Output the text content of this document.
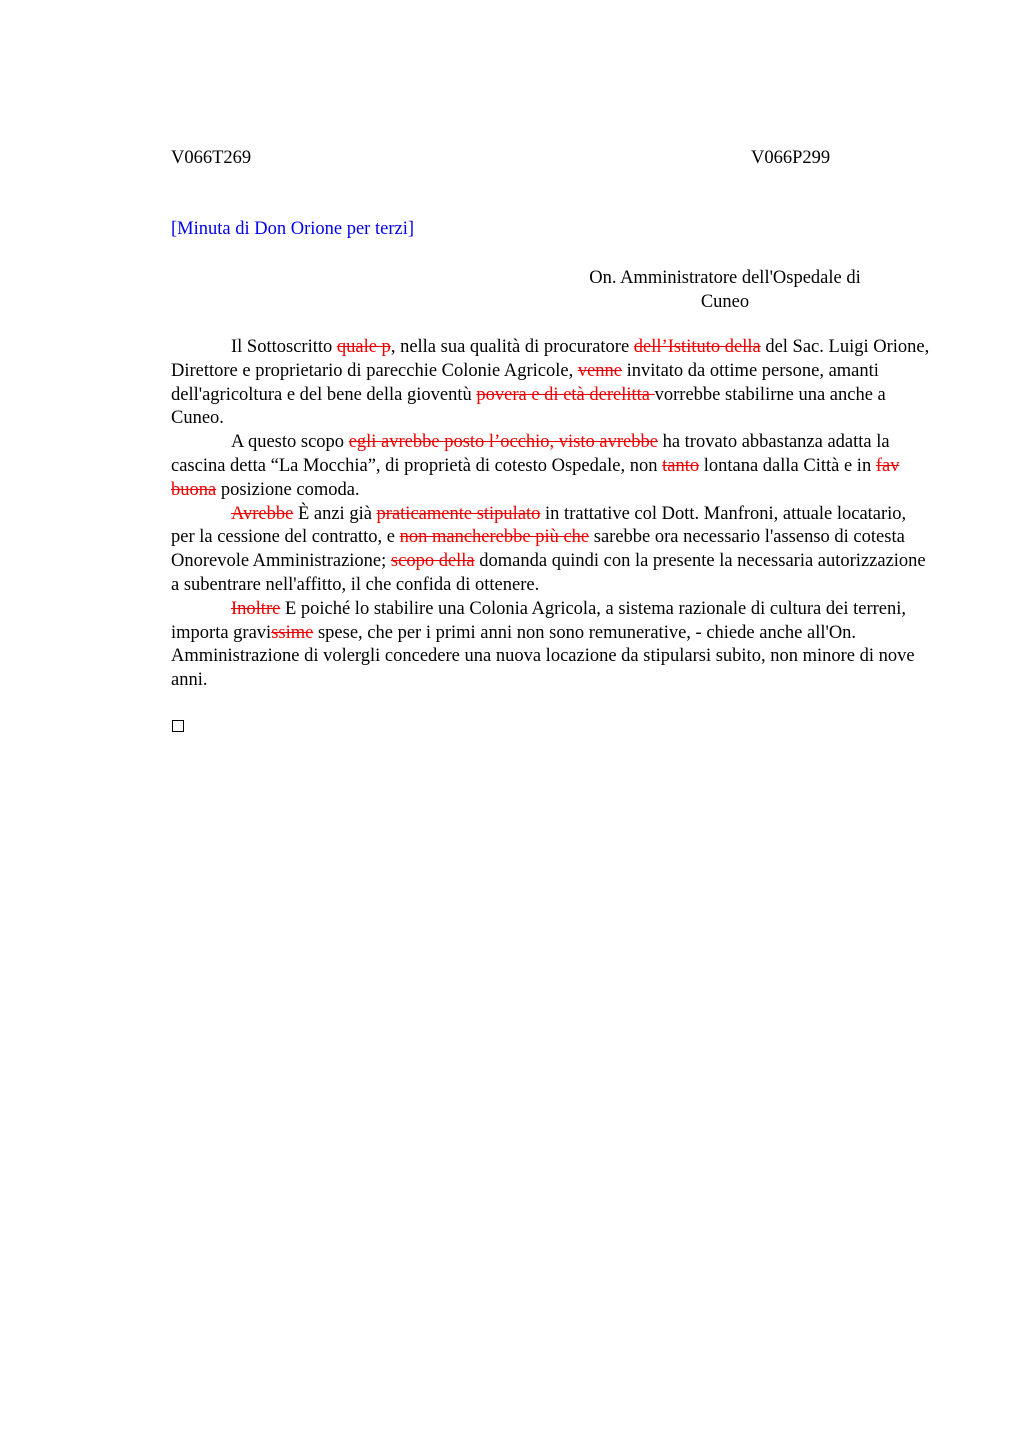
V066T269	V066P299
[Minuta di Don Orione per terzi]
On. Amministratore dell'Ospedale di
Cuneo

Il Sottoscritto quale p, nella sua qualità di procuratore dell’Istituto della del Sac. Luigi Orione, Direttore e proprietario di parecchie Colonie Agricole, venne invitato da ottime persone, amanti dell'agricoltura e del bene della gioventù povera e di età derelitta vorrebbe stabilirne una anche a Cuneo.

A questo scopo egli avrebbe posto l’occhio, visto avrebbe ha trovato abbastanza adatta la cascina detta “La Mocchia”, di proprietà di cotesto Ospedale, non tanto lontana dalla Città e in fav buona posizione comoda.

Avrebbe È anzi già praticamente stipulato in trattative col Dott. Manfroni, attuale locatario, per la cessione del contratto, e non mancherebbe più che sarebbe ora necessario l'assenso di cotesta Onorevole Amministrazione; scopo della domanda quindi con la presente la necessaria autorizzazione a subentrare nell'affitto, il che confida di ottenere.

Inoltre E poiché lo stabilire una Colonia Agricola, a sistema razionale di cultura dei terreni, importa gravissime spese, che per i primi anni non sono remunerative, - chiede anche all'On. Amministrazione di volergli concedere una nuova locazione da stipularsi subito, non minore di nove anni.
